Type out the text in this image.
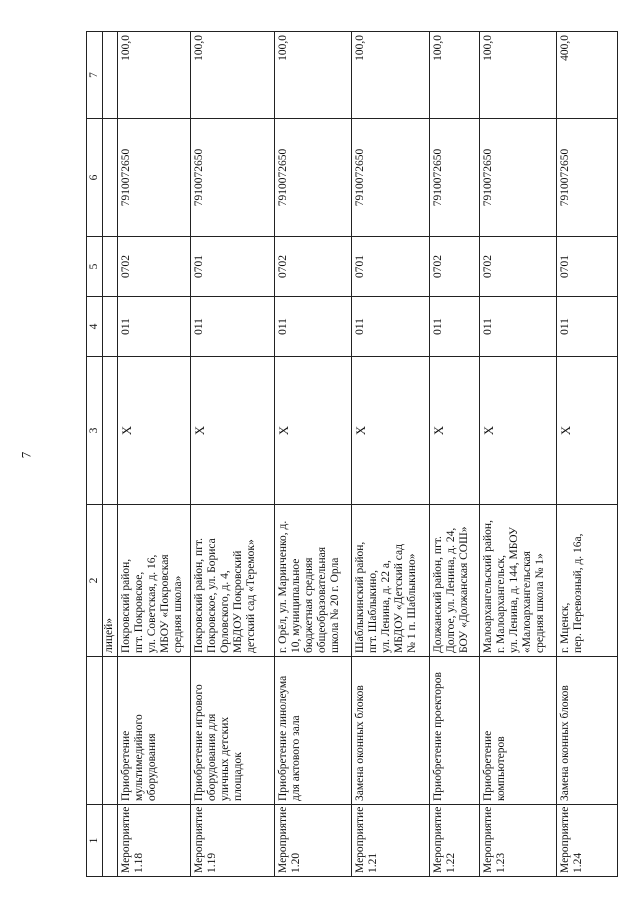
7
1		2	3	4	5	6	7
		лицей»					
Мероприятие
1.18	Приобретение
мультимедийного
оборудования	Покровский район,
пгт. Покровское,
ул. Советская, д. 16,
МБОУ «Покровская
средняя школа»	Х	011	0702	7910072650	100,0
Мероприятие
1.19	Приобретение игрового
оборудования для
уличных детских
площадок	Покровский район, пгт.
Покровское, ул. Бориса
Орловского, д. 4,
МБДОУ Покровский
детский сад «Теремок»	Х	011	0701	7910072650	100,0
Мероприятие
1.20	Приобретение линолеума
для актового зала	г. Орёл, ул. Маринченко, д.
10, муниципальное
бюджетная средняя
общеобразовательная
школа № 20 г. Орла	Х	011	0702	7910072650	100,0
Мероприятие
1.21	Замена оконных блоков	Шаблыкинский район,
пгт. Шаблыкино,
ул. Ленина, д. 22 а,
МБДОУ «Детский сад
№ 1 п. Шаблыкино»	Х	011	0701	7910072650	100,0
Мероприятие
1.22	Приобретение проекторов	Должанский район, пгт.
Долгое, ул. Ленина, д. 24,
БОУ «Должанская СОШ»	Х	011	0702	7910072650	100,0
Мероприятие
1.23	Приобретение
компьютеров	Малоархангельский район,
г. Малоархангельск,
ул. Ленина, д. 144, МБОУ
«Малоархангельская
средняя школа № 1»	Х	011	0702	7910072650	100,0
Мероприятие
1.24	Замена оконных блоков	г. Мценск,
пер. Перевозный, д. 16а,	Х	011	0701	7910072650	400,0
